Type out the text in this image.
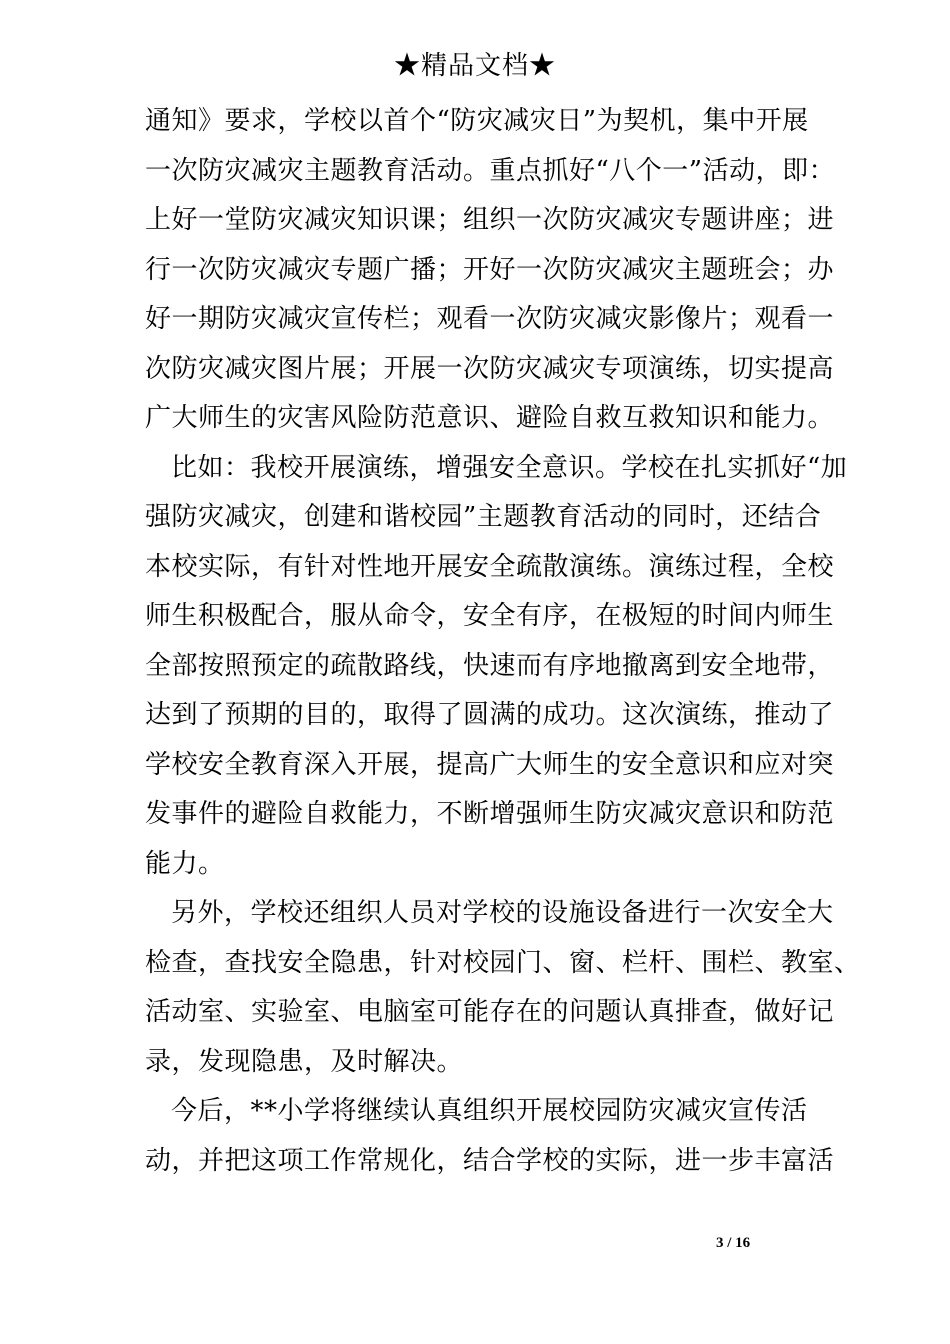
★精品文档★
通知》要求，学校以首个“防灾减灾日”为契机，集中开展
一次防灾减灾主题教育活动。重点抓好“八个一”活动，即：
上好一堂防灾减灾知识课；组织一次防灾减灾专题讲座；进
行一次防灾减灾专题广播；开好一次防灾减灾主题班会；办
好一期防灾减灾宣传栏；观看一次防灾减灾影像片；观看一
次防灾减灾图片展；开展一次防灾减灾专项演练，切实提高
广大师生的灾害风险防范意识、避险自救互救知识和能力。
比如：我校开展演练，增强安全意识。学校在扎实抓好“加
强防灾减灾，创建和谐校园”主题教育活动的同时，还结合
本校实际，有针对性地开展安全疏散演练。演练过程，全校
师生积极配合，服从命令，安全有序，在极短的时间内师生
全部按照预定的疏散路线，快速而有序地撤离到安全地带，
达到了预期的目的，取得了圆满的成功。这次演练，推动了
学校安全教育深入开展，提高广大师生的安全意识和应对突
发事件的避险自救能力，不断增强师生防灾减灾意识和防范
能力。
另外，学校还组织人员对学校的设施设备进行一次安全大
检查，查找安全隐患，针对校园门、窗、栏杆、围栏、教室、
活动室、实验室、电脑室可能存在的问题认真排查，做好记
录，发现隐患，及时解决。
今后，**小学将继续认真组织开展校园防灾减灾宣传活
动，并把这项工作常规化，结合学校的实际，进一步丰富活
3 / 16
